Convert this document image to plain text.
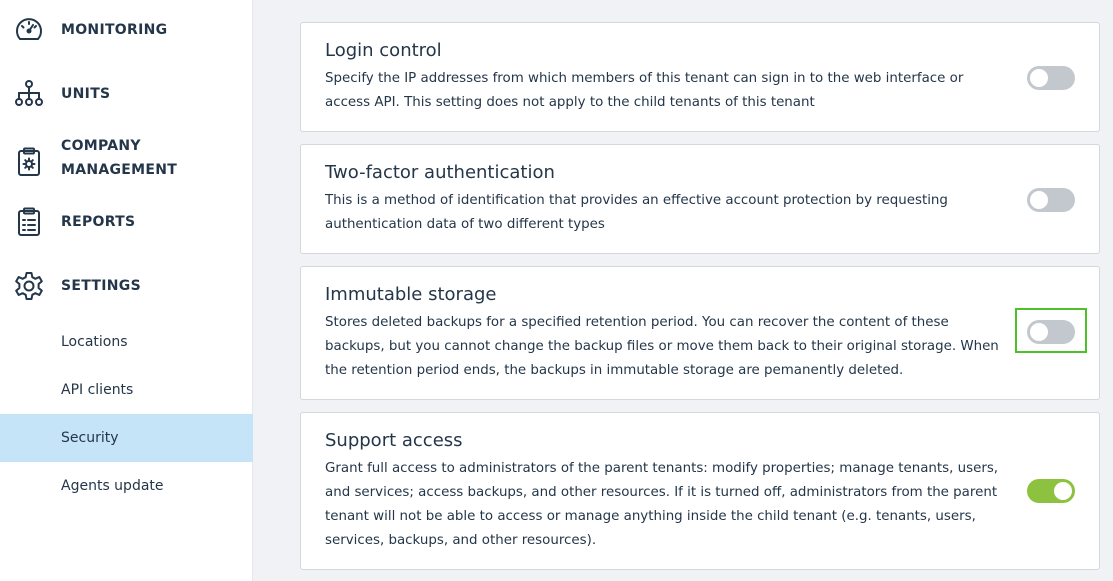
MONITORING
UNITS
COMPANY
MANAGEMENT
REPORTS
SETTINGS
Locations
API clients
Security
Agents update
Login control
Specify the IP addresses from which members of this tenant can sign in to the web interface or access API. This setting does not apply to the child tenants of this tenant
Two-factor authentication
This is a method of identification that provides an effective account protection by requesting authentication data of two different types
Immutable storage
Stores deleted backups for a specified retention period. You can recover the content of these backups, but you cannot change the backup files or move them back to their original storage. When the retention period ends, the backups in immutable storage are pemanently deleted.
Support access
Grant full access to administrators of the parent tenants: modify properties; manage tenants, users, and services; access backups, and other resources. If it is turned off, administrators from the parent tenant will not be able to access or manage anything inside the child tenant (e.g. tenants, users, services, backups, and other resources).
